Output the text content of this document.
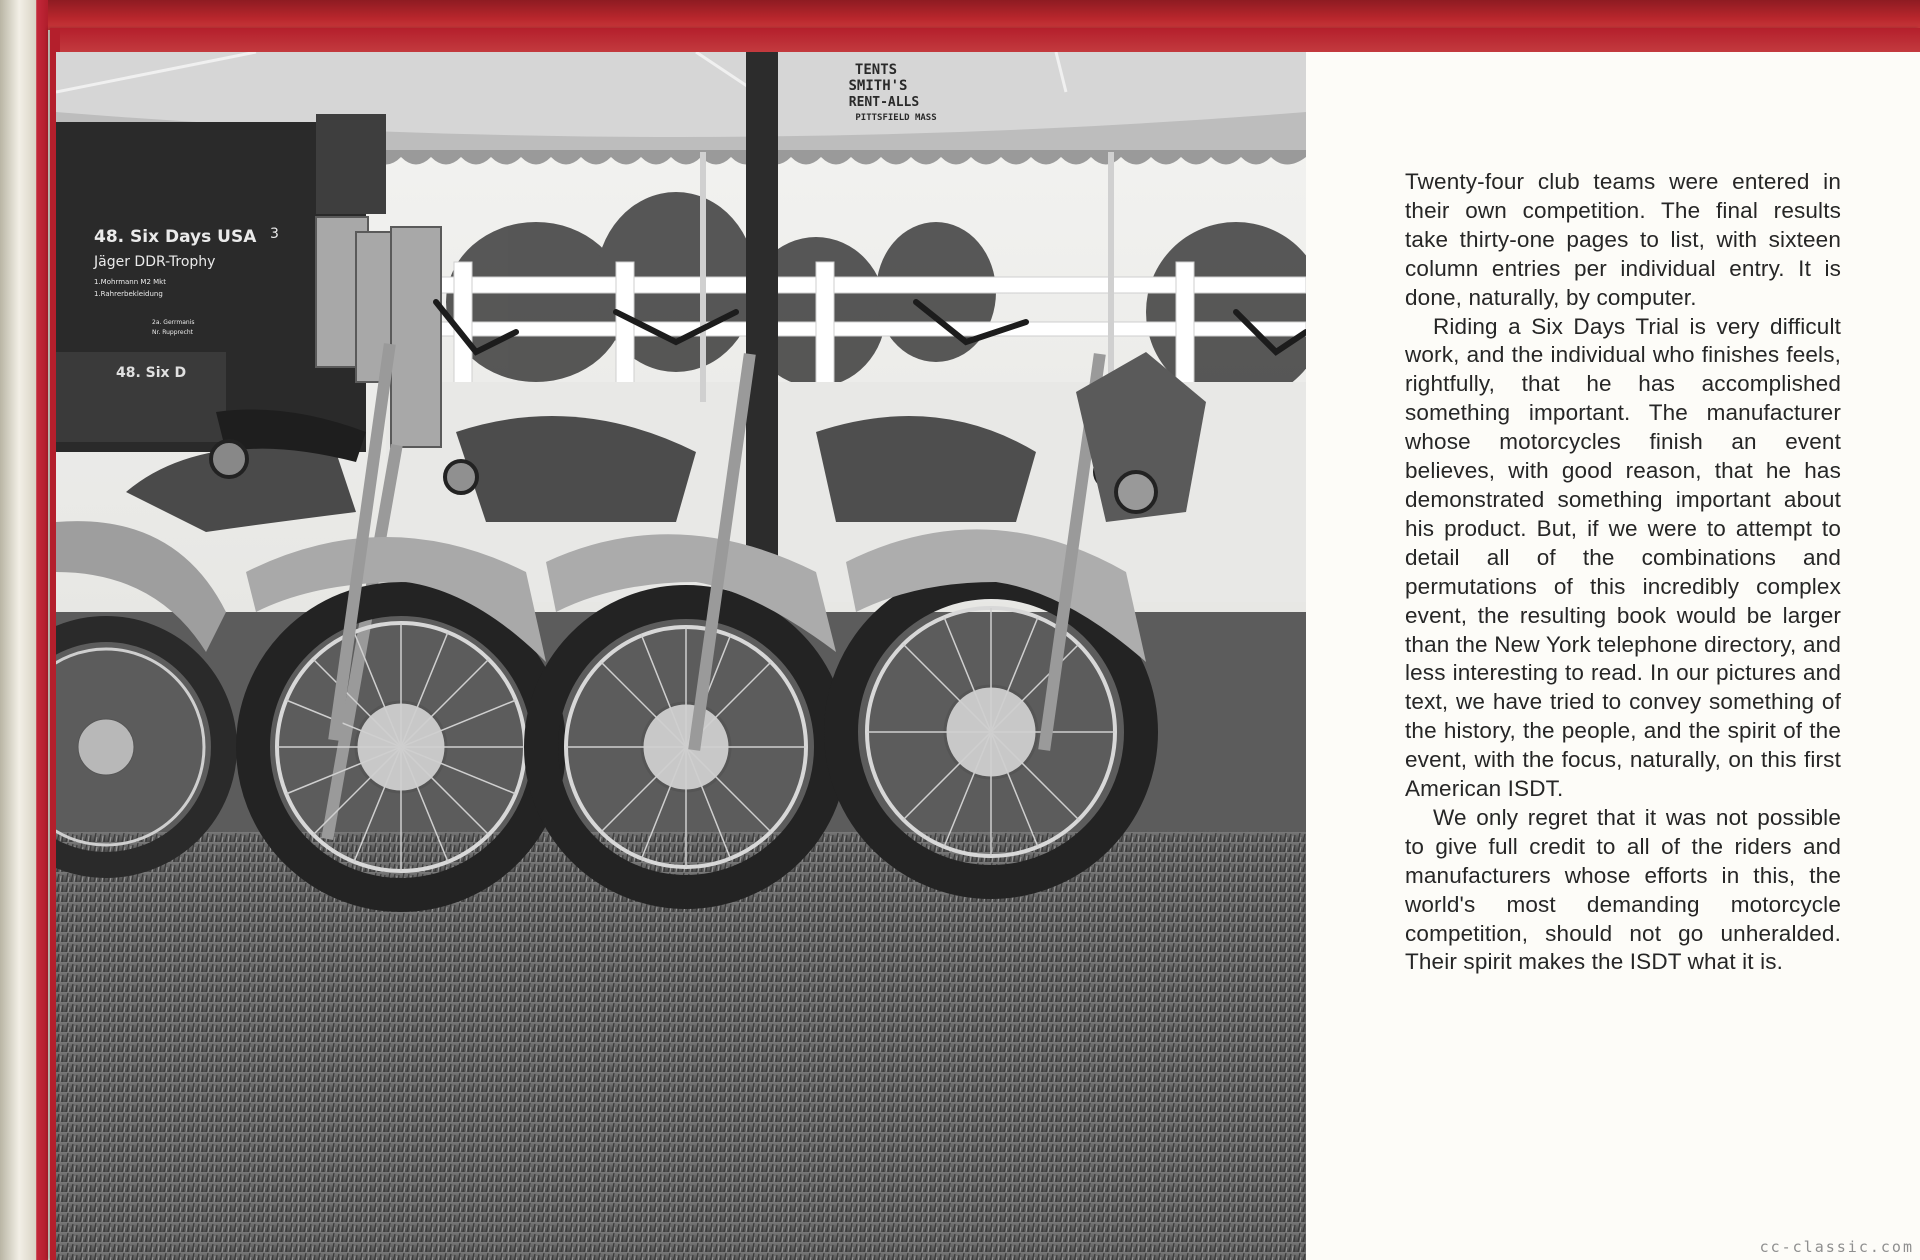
TENTS
SMITH'S
RENT-ALLS
PITTSFIELD MASS
48. Six Days USA 3
Jäger DDR-Trophy
1.Mohrmann M2 Mkt
1.Rahrerbekleidung
2a. Gerrmanis
Nr. Rupprecht
48. Six D

Twenty-four club teams were entered in their own competition. The final results take thirty-one pages to list, with sixteen column entries per individual entry. It is done, naturally, by computer.

Riding a Six Days Trial is very difficult work, and the individual who finishes feels, rightfully, that he has accomplished something important. The manufacturer whose motorcycles finish an event believes, with good reason, that he has demonstrated something important about his product. But, if we were to attempt to detail all of the combinations and permutations of this incredibly complex event, the resulting book would be larger than the New York telephone directory, and less interesting to read. In our pictures and text, we have tried to convey something of the history, the people, and the spirit of the event, with the focus, naturally, on this first American ISDT.

We only regret that it was not possible to give full credit to all of the riders and manufacturers whose efforts in this, the world's most demanding motorcycle competition, should not go unheralded. Their spirit makes the ISDT what it is.

cc-classic.com
